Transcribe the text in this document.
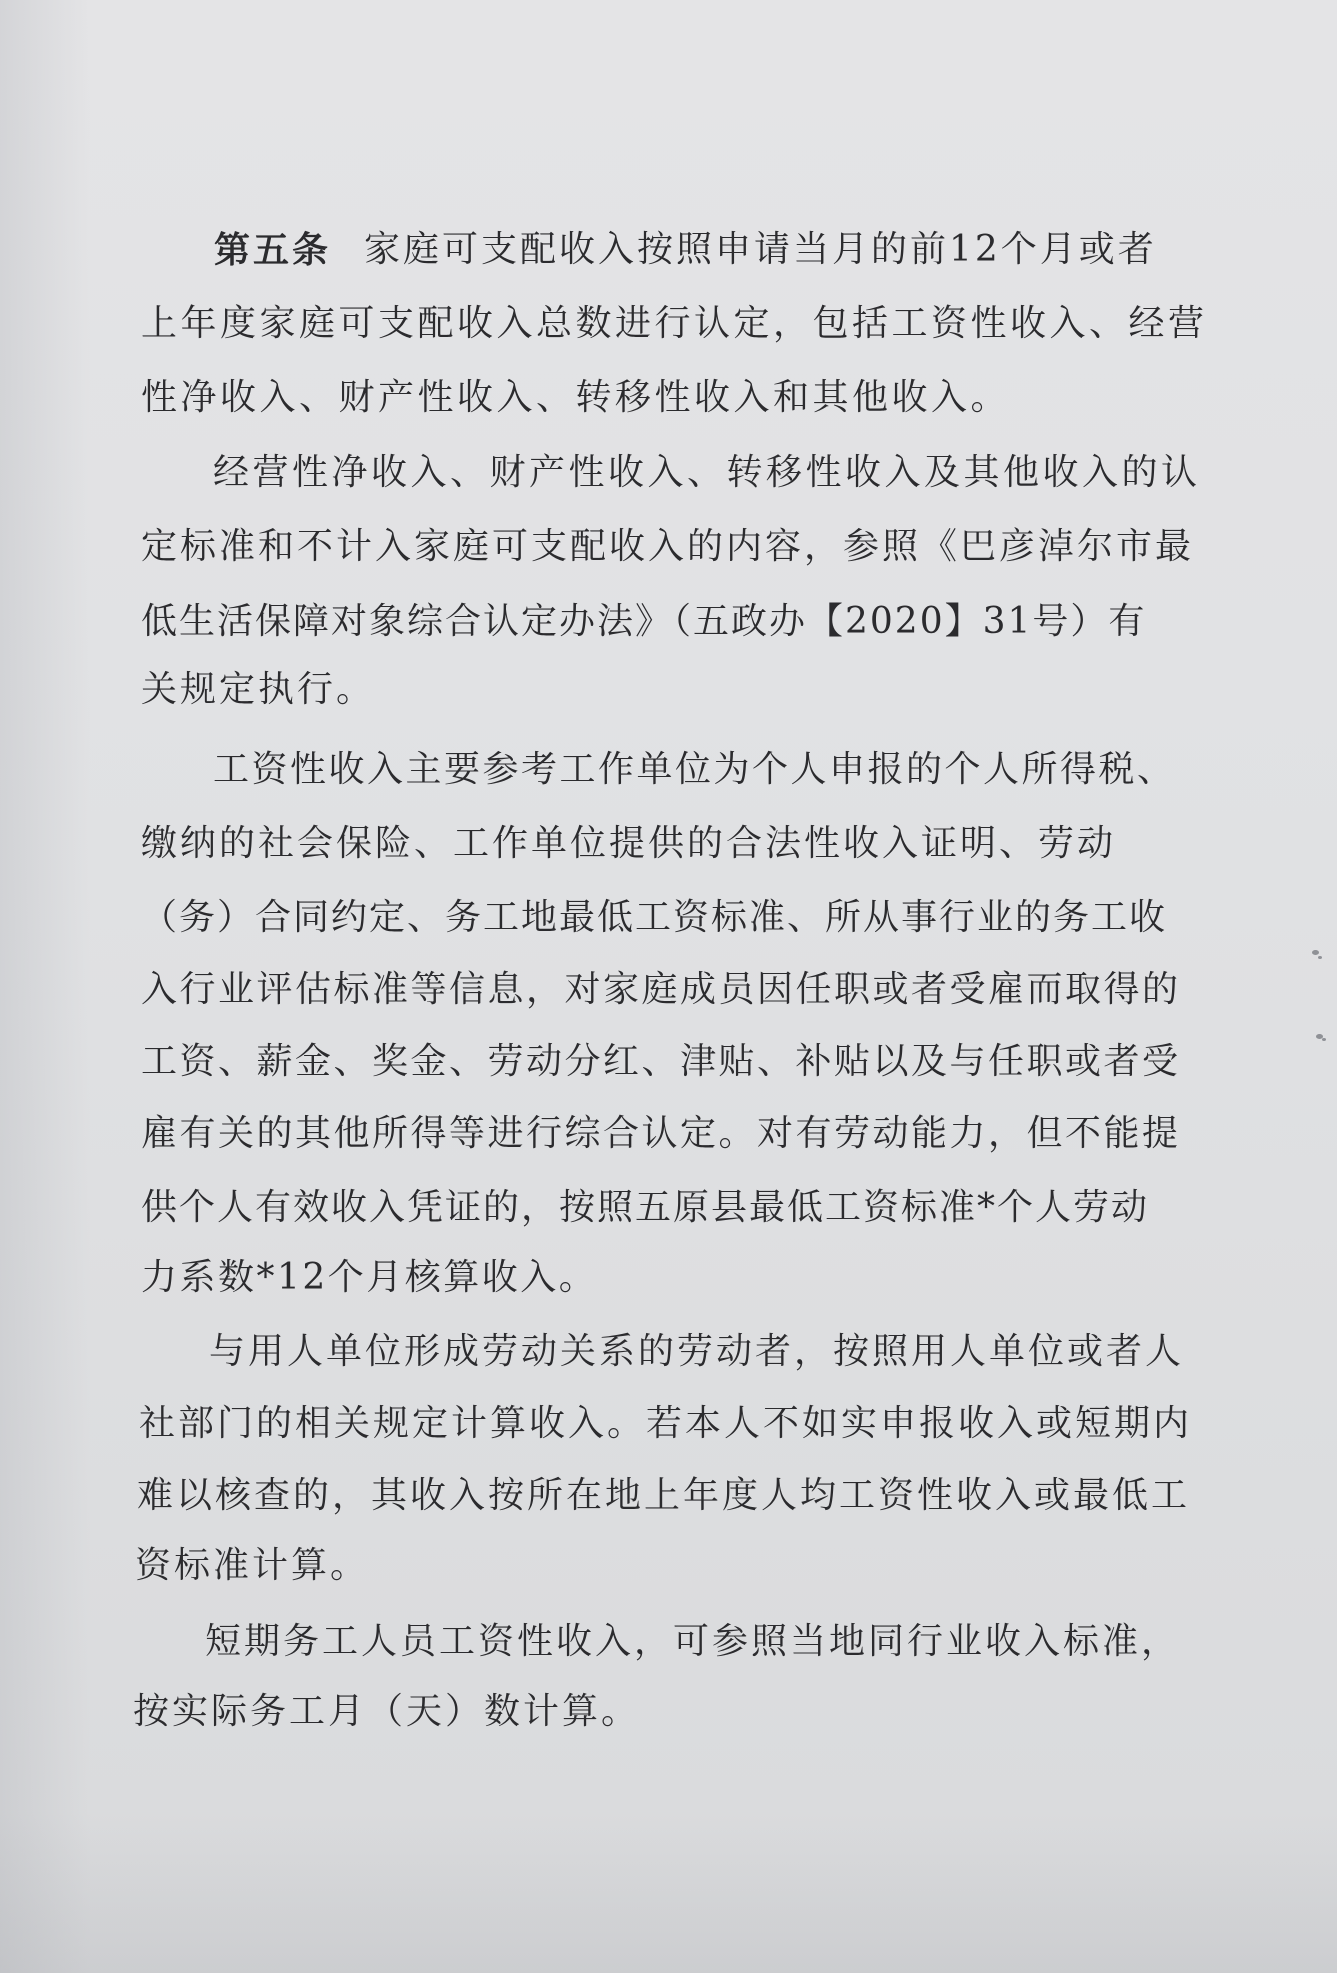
第五条 家庭可支配收入按照申请当月的前12个月或者

上年度家庭可支配收入总数进行认定，包括工资性收入、经营

性净收入、财产性收入、转移性收入和其他收入。

经营性净收入、财产性收入、转移性收入及其他收入的认

定标准和不计入家庭可支配收入的内容，参照《巴彦淖尔市最

低生活保障对象综合认定办法》（五政办【2020】31号）有

关规定执行。

工资性收入主要参考工作单位为个人申报的个人所得税、

缴纳的社会保险、工作单位提供的合法性收入证明、劳动

（务）合同约定、务工地最低工资标准、所从事行业的务工收

入行业评估标准等信息，对家庭成员因任职或者受雇而取得的

工资、薪金、奖金、劳动分红、津贴、补贴以及与任职或者受

雇有关的其他所得等进行综合认定。对有劳动能力，但不能提

供个人有效收入凭证的，按照五原县最低工资标准*个人劳动

力系数*12个月核算收入。

与用人单位形成劳动关系的劳动者，按照用人单位或者人

社部门的相关规定计算收入。若本人不如实申报收入或短期内

难以核查的，其收入按所在地上年度人均工资性收入或最低工

资标准计算。

短期务工人员工资性收入，可参照当地同行业收入标准，

按实际务工月（天）数计算。
